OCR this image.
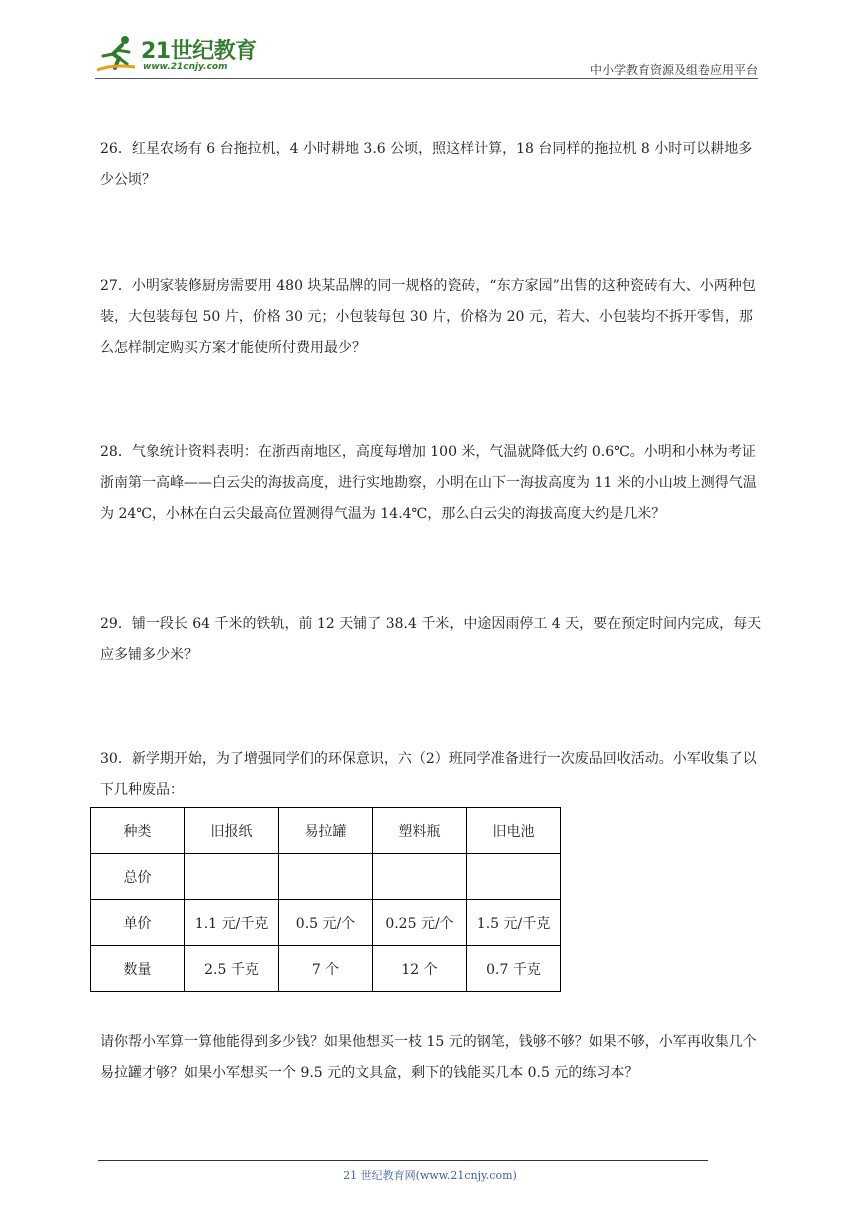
21世纪教育
www.21cnjy.com	中小学教育资源及组卷应用平台

26．红星农场有 6 台拖拉机，4 小时耕地 3.6 公顷，照这样计算，18 台同样的拖拉机 8 小时可以耕地多少公顷？

27．小明家装修厨房需要用 480 块某品牌的同一规格的瓷砖，“东方家园”出售的这种瓷砖有大、小两种包装，大包装每包 50 片，价格 30 元；小包装每包 30 片，价格为 20 元，若大、小包装均不拆开零售，那么怎样制定购买方案才能使所付费用最少？

28．气象统计资料表明：在浙西南地区，高度每增加 100 米，气温就降低大约 0.6℃。小明和小林为考证浙南第一高峰——白云尖的海拔高度，进行实地勘察，小明在山下一海拔高度为 11 米的小山坡上测得气温为 24℃，小林在白云尖最高位置测得气温为 14.4℃，那么白云尖的海拔高度大约是几米？

29．铺一段长 64 千米的铁轨，前 12 天铺了 38.4 千米，中途因雨停工 4 天，要在预定时间内完成，每天应多铺多少米？

30．新学期开始，为了增强同学们的环保意识，六（2）班同学准备进行一次废品回收活动。小军收集了以下几种废品：

种类	旧报纸	易拉罐	塑料瓶	旧电池
总价				
单价	1.1 元/千克	0.5 元/个	0.25 元/个	1.5 元/千克
数量	2.5 千克	7 个	12 个	0.7 千克

请你帮小军算一算他能得到多少钱？如果他想买一枝 15 元的钢笔，钱够不够？如果不够，小军再收集几个易拉罐才够？如果小军想买一个 9.5 元的文具盒，剩下的钱能买几本 0.5 元的练习本？

21 世纪教育网(www.21cnjy.com)
